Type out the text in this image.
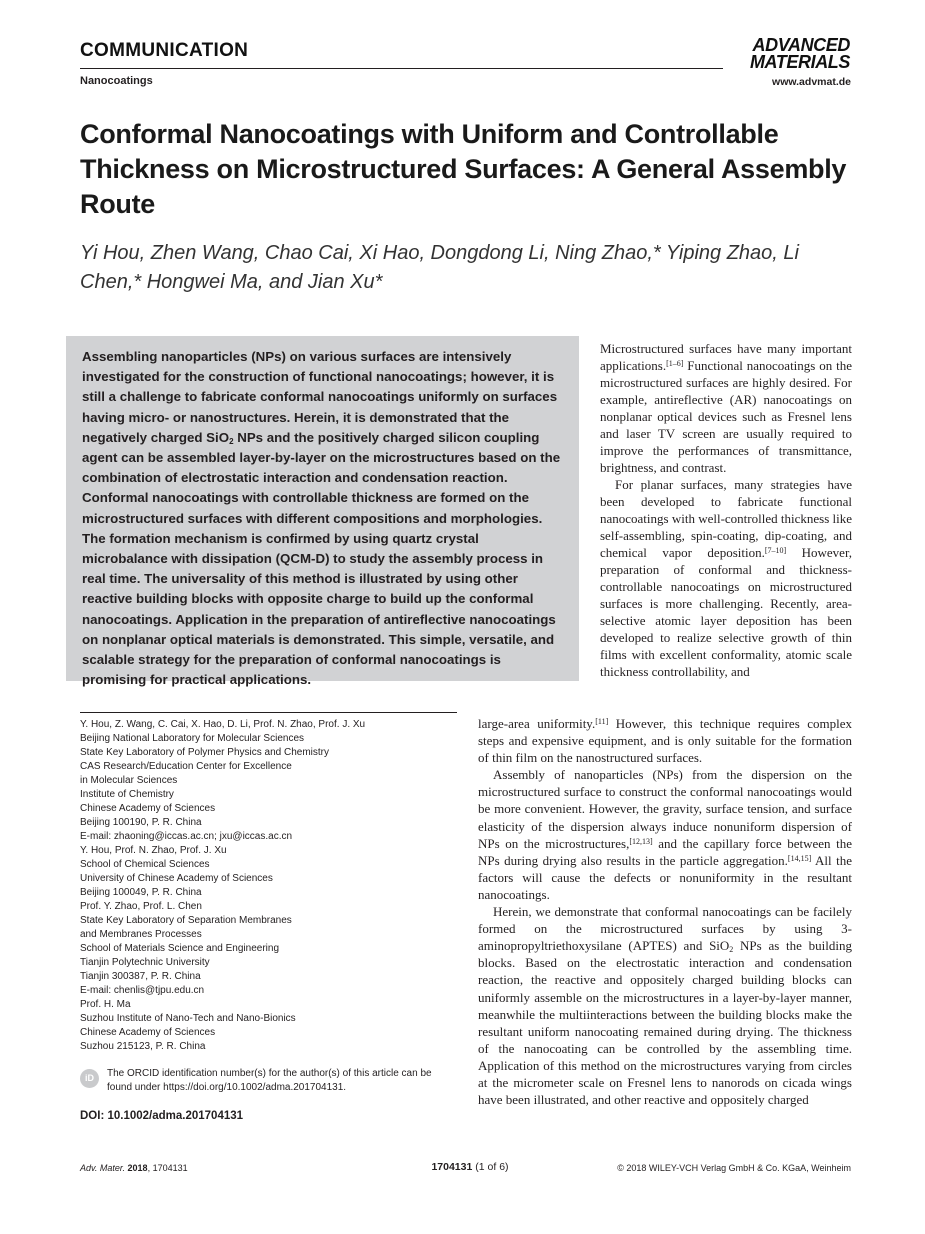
COMMUNICATION
Nanocoatings
ADVANCED
MATERIALS
www.advmat.de
Conformal Nanocoatings with Uniform and Controllable Thickness on Microstructured Surfaces: A General Assembly Route
Yi Hou, Zhen Wang, Chao Cai, Xi Hao, Dongdong Li, Ning Zhao,* Yiping Zhao, Li Chen,* Hongwei Ma, and Jian Xu*
Assembling nanoparticles (NPs) on various surfaces are intensively investigated for the construction of functional nanocoatings; however, it is still a challenge to fabricate conformal nanocoatings uniformly on surfaces having micro- or nanostructures. Herein, it is demonstrated that the negatively charged SiO$_2$ NPs and the positively charged silicon coupling agent can be assembled layer-by-layer on the microstructures based on the combination of electrostatic interaction and condensation reaction. Conformal nanocoatings with controllable thickness are formed on the microstructured surfaces with different compositions and morphologies. The formation mechanism is confirmed by using quartz crystal microbalance with dissipation (QCM-D) to study the assembly process in real time. The universality of this method is illustrated by using other reactive building blocks with opposite charge to build up the conformal nanocoatings. Application in the preparation of antireflective nanocoatings on nonplanar optical materials is demonstrated. This simple, versatile, and scalable strategy for the preparation of conformal nanocoatings is promising for practical applications.

Microstructured surfaces have many important applications.[1–6] Functional nanocoatings on the microstructured surfaces are highly desired. For example, antireflective (AR) nanocoatings on nonplanar optical devices such as Fresnel lens and laser TV screen are usually required to improve the performances of transmittance, brightness, and contrast.

For planar surfaces, many strategies have been developed to fabricate functional nanocoatings with well-controlled thickness like self-assembling, spin-coating, dip-coating, and chemical vapor deposition.[7–10] However, preparation of conformal and thickness-controllable nanocoatings on microstructured surfaces is more challenging. Recently, area-selective atomic layer deposition has been developed to realize selective growth of thin films with excellent conformality, atomic scale thickness controllability, and

large-area uniformity.[11] However, this technique requires complex steps and expensive equipment, and is only suitable for the formation of thin film on the nanostructured surfaces.

Assembly of nanoparticles (NPs) from the dispersion on the microstructured surface to construct the conformal nanocoatings would be more convenient. However, the gravity, surface tension, and surface elasticity of the dispersion always induce nonuniform dispersion of NPs on the microstructures,[12,13] and the capillary force between the NPs during drying also results in the particle aggregation.[14,15] All the factors will cause the defects or nonuniformity in the resultant nanocoatings.

Herein, we demonstrate that conformal nanocoatings can be facilely formed on the microstructured surfaces by using 3-aminopropyltriethoxysilane (APTES) and SiO$_2$ NPs as the building blocks. Based on the electrostatic interaction and condensation reaction, the reactive and oppositely charged building blocks can uniformly assemble on the microstructures in a layer-by-layer manner, meanwhile the multiinteractions between the building blocks make the resultant uniform nanocoating remained during drying. The thickness of the nanocoating can be controlled by the assembling time. Application of this method on the microstructures varying from circles at the micrometer scale on Fresnel lens to nanorods on cicada wings have been illustrated, and other reactive and oppositely charged

Y. Hou, Z. Wang, C. Cai, X. Hao, D. Li, Prof. N. Zhao, Prof. J. Xu
Beijing National Laboratory for Molecular Sciences
State Key Laboratory of Polymer Physics and Chemistry
CAS Research/Education Center for Excellence
in Molecular Sciences
Institute of Chemistry
Chinese Academy of Sciences
Beijing 100190, P. R. China
E-mail: zhaoning@iccas.ac.cn; jxu@iccas.ac.cn
Y. Hou, Prof. N. Zhao, Prof. J. Xu
School of Chemical Sciences
University of Chinese Academy of Sciences
Beijing 100049, P. R. China
Prof. Y. Zhao, Prof. L. Chen
State Key Laboratory of Separation Membranes
and Membranes Processes
School of Materials Science and Engineering
Tianjin Polytechnic University
Tianjin 300387, P. R. China
E-mail: chenlis@tjpu.edu.cn
Prof. H. Ma
Suzhou Institute of Nano-Tech and Nano-Bionics
Chinese Academy of Sciences
Suzhou 215123, P. R. China
iD	The ORCID identification number(s) for the author(s) of this article can be found under https://doi.org/10.1002/adma.201704131.
DOI: 10.1002/adma.201704131
Adv. Mater. 2018, 1704131	1704131 (1 of 6)	© 2018 WILEY-VCH Verlag GmbH & Co. KGaA, Weinheim
